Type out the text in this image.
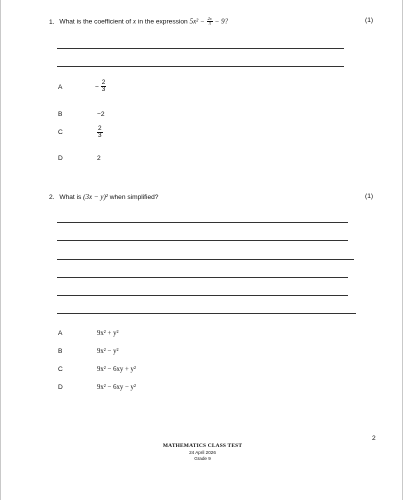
1. What is the coefficient of x in the expression $5x^2 - \frac{2x}{3} - 9$?	(1)
A	− $\frac{2}{3}$
B	−2
C	$\frac{2}{3}$
D	2
2. What is (3x − y)² when simplified?	(1)
A	9x² + y²
B	9x² − y²
C	9x² − 6xy + y²
D	9x² − 6xy − y²
2
MATHEMATICS CLASS TEST
24 April 2026
Grade 9
